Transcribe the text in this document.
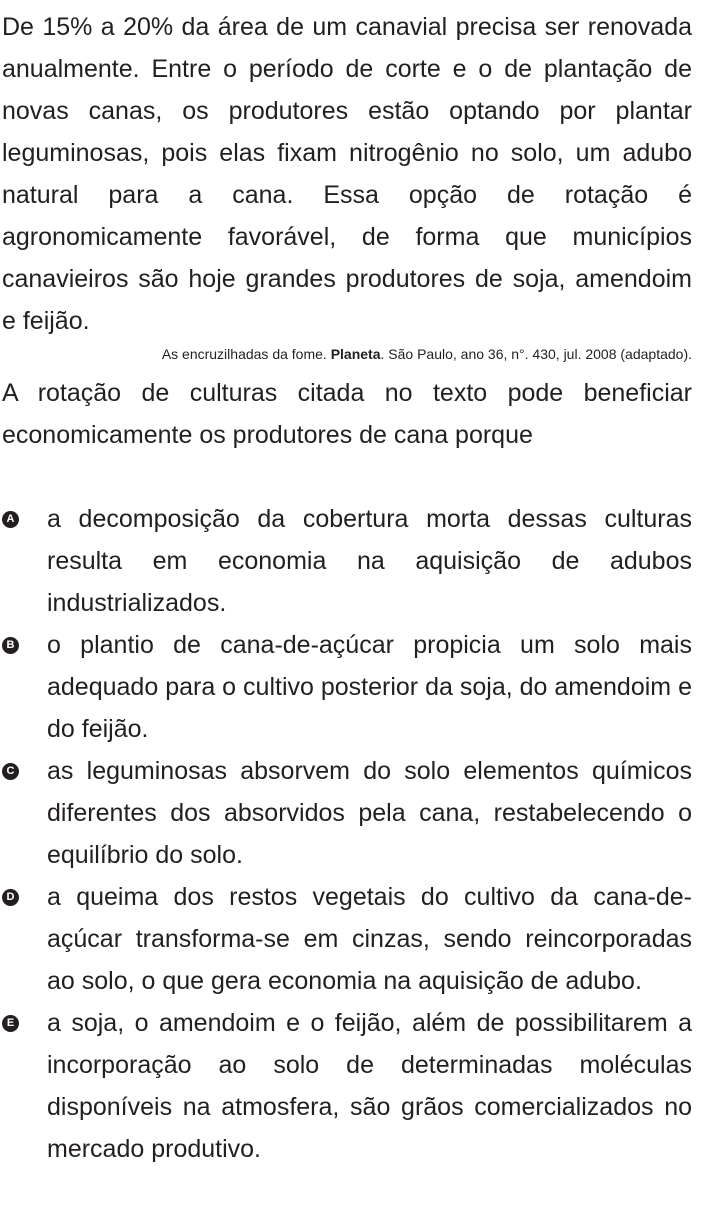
De 15% a 20% da área de um canavial precisa ser renovada anualmente. Entre o período de corte e o de plantação de novas canas, os produtores estão optando por plantar leguminosas, pois elas fixam nitrogênio no solo, um adubo natural para a cana. Essa opção de rotação é agronomicamente favorável, de forma que municípios canavieiros são hoje grandes produtores de soja, amendoim e feijão.

As encruzilhadas da fome. Planeta. São Paulo, ano 36, n°. 430, jul. 2008 (adaptado).

A rotação de culturas citada no texto pode beneficiar economicamente os produtores de cana porque

A a decomposição da cobertura morta dessas culturas resulta em economia na aquisição de adubos industrializados.
B o plantio de cana-de-açúcar propicia um solo mais adequado para o cultivo posterior da soja, do amendoim e do feijão.
C as leguminosas absorvem do solo elementos químicos diferentes dos absorvidos pela cana, restabelecendo o equilíbrio do solo.
D a queima dos restos vegetais do cultivo da cana-de-açúcar transforma-se em cinzas, sendo reincorporadas ao solo, o que gera economia na aquisição de adubo.
E a soja, o amendoim e o feijão, além de possibilitarem a incorporação ao solo de determinadas moléculas disponíveis na atmosfera, são grãos comercializados no mercado produtivo.
